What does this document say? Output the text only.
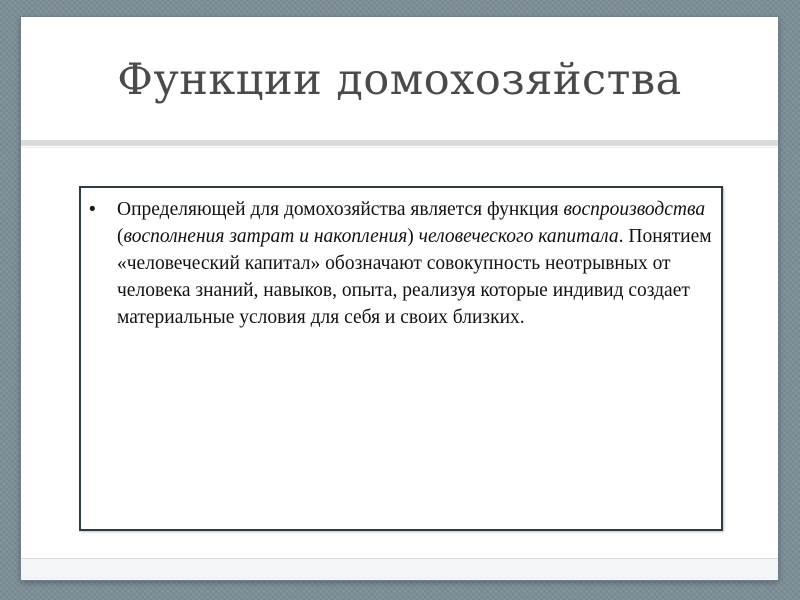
Функции домохозяйства
• Определяющей для домохозяйства является функция воспроизводства (восполнения затрат и накопления) человеческого капитала. Понятием «человеческий капитал» обозначают совокупность неотрывных от человека знаний, навыков, опыта, реализуя которые индивид создает материальные условия для себя и своих близких.
